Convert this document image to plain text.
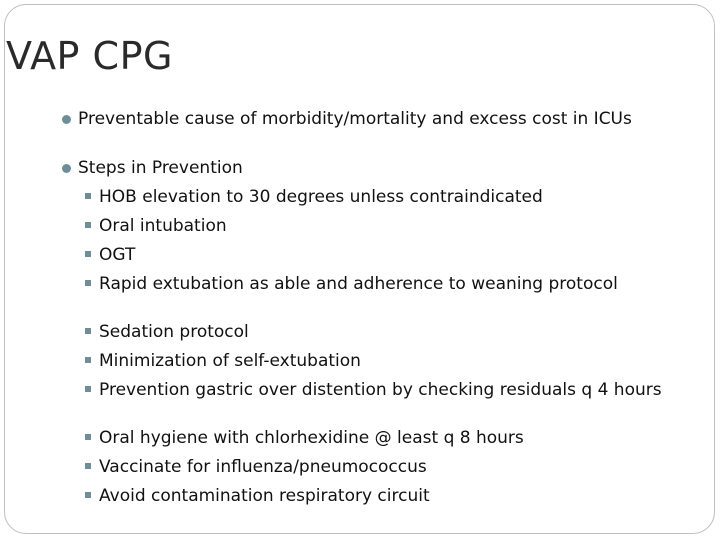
VAP CPG
Preventable cause of morbidity/mortality and excess cost in ICUs
Steps in Prevention
HOB elevation to 30 degrees unless contraindicated
Oral intubation
OGT
Rapid extubation as able and adherence to weaning protocol
Sedation protocol
Minimization of self-extubation
Prevention gastric over distention by checking residuals q 4 hours
Oral hygiene with chlorhexidine @ least q 8 hours
Vaccinate for influenza/pneumococcus
Avoid contamination respiratory circuit
